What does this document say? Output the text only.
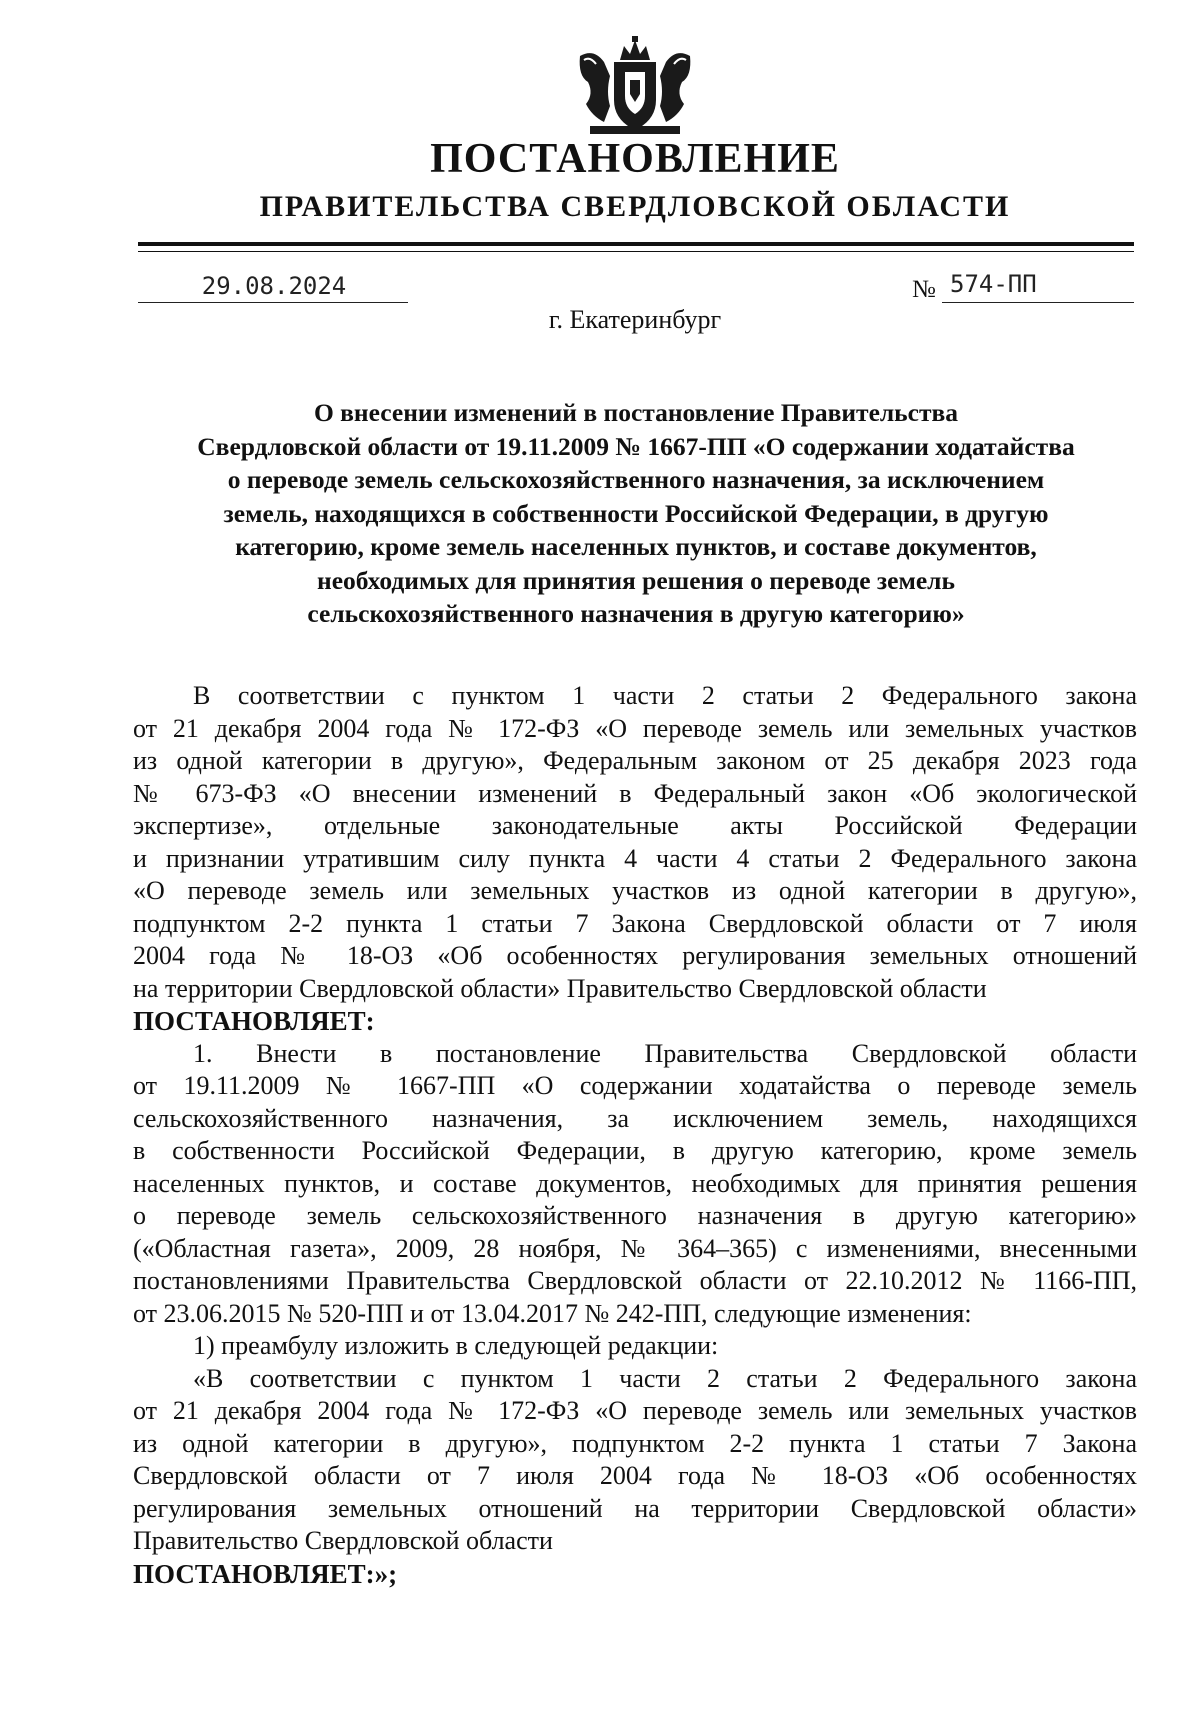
ПОСТАНОВЛЕНИЕ
ПРАВИТЕЛЬСТВА СВЕРДЛОВСКОЙ ОБЛАСТИ
29.08.2024	№ 574-ПП
г. Екатеринбург
О внесении изменений в постановление Правительства
Свердловской области от 19.11.2009 № 1667-ПП «О содержании ходатайства
о переводе земель сельскохозяйственного назначения, за исключением
земель, находящихся в собственности Российской Федерации, в другую
категорию, кроме земель населенных пунктов, и составе документов,
необходимых для принятия решения о переводе земель
сельскохозяйственного назначения в другую категорию»
В соответствии с пунктом 1 части 2 статьи 2 Федерального закона
от 21 декабря 2004 года № 172-ФЗ «О переводе земель или земельных участков
из одной категории в другую», Федеральным законом от 25 декабря 2023 года
№ 673-ФЗ «О внесении изменений в Федеральный закон «Об экологической
экспертизе», отдельные законодательные акты Российской Федерации
и признании утратившим силу пункта 4 части 4 статьи 2 Федерального закона
«О переводе земель или земельных участков из одной категории в другую»,
подпунктом 2-2 пункта 1 статьи 7 Закона Свердловской области от 7 июля
2004 года № 18-ОЗ «Об особенностях регулирования земельных отношений
на территории Свердловской области» Правительство Свердловской области
ПОСТАНОВЛЯЕТ:
1. Внести в постановление Правительства Свердловской области
от 19.11.2009 № 1667-ПП «О содержании ходатайства о переводе земель
сельскохозяйственного назначения, за исключением земель, находящихся
в собственности Российской Федерации, в другую категорию, кроме земель
населенных пунктов, и составе документов, необходимых для принятия решения
о переводе земель сельскохозяйственного назначения в другую категорию»
(«Областная газета», 2009, 28 ноября, № 364–365) с изменениями, внесенными
постановлениями Правительства Свердловской области от 22.10.2012 № 1166-ПП,
от 23.06.2015 № 520-ПП и от 13.04.2017 № 242-ПП, следующие изменения:
1) преамбулу изложить в следующей редакции:
«В соответствии с пунктом 1 части 2 статьи 2 Федерального закона
от 21 декабря 2004 года № 172-ФЗ «О переводе земель или земельных участков
из одной категории в другую», подпунктом 2-2 пункта 1 статьи 7 Закона
Свердловской области от 7 июля 2004 года № 18-ОЗ «Об особенностях
регулирования земельных отношений на территории Свердловской области»
Правительство Свердловской области
ПОСТАНОВЛЯЕТ:»;
